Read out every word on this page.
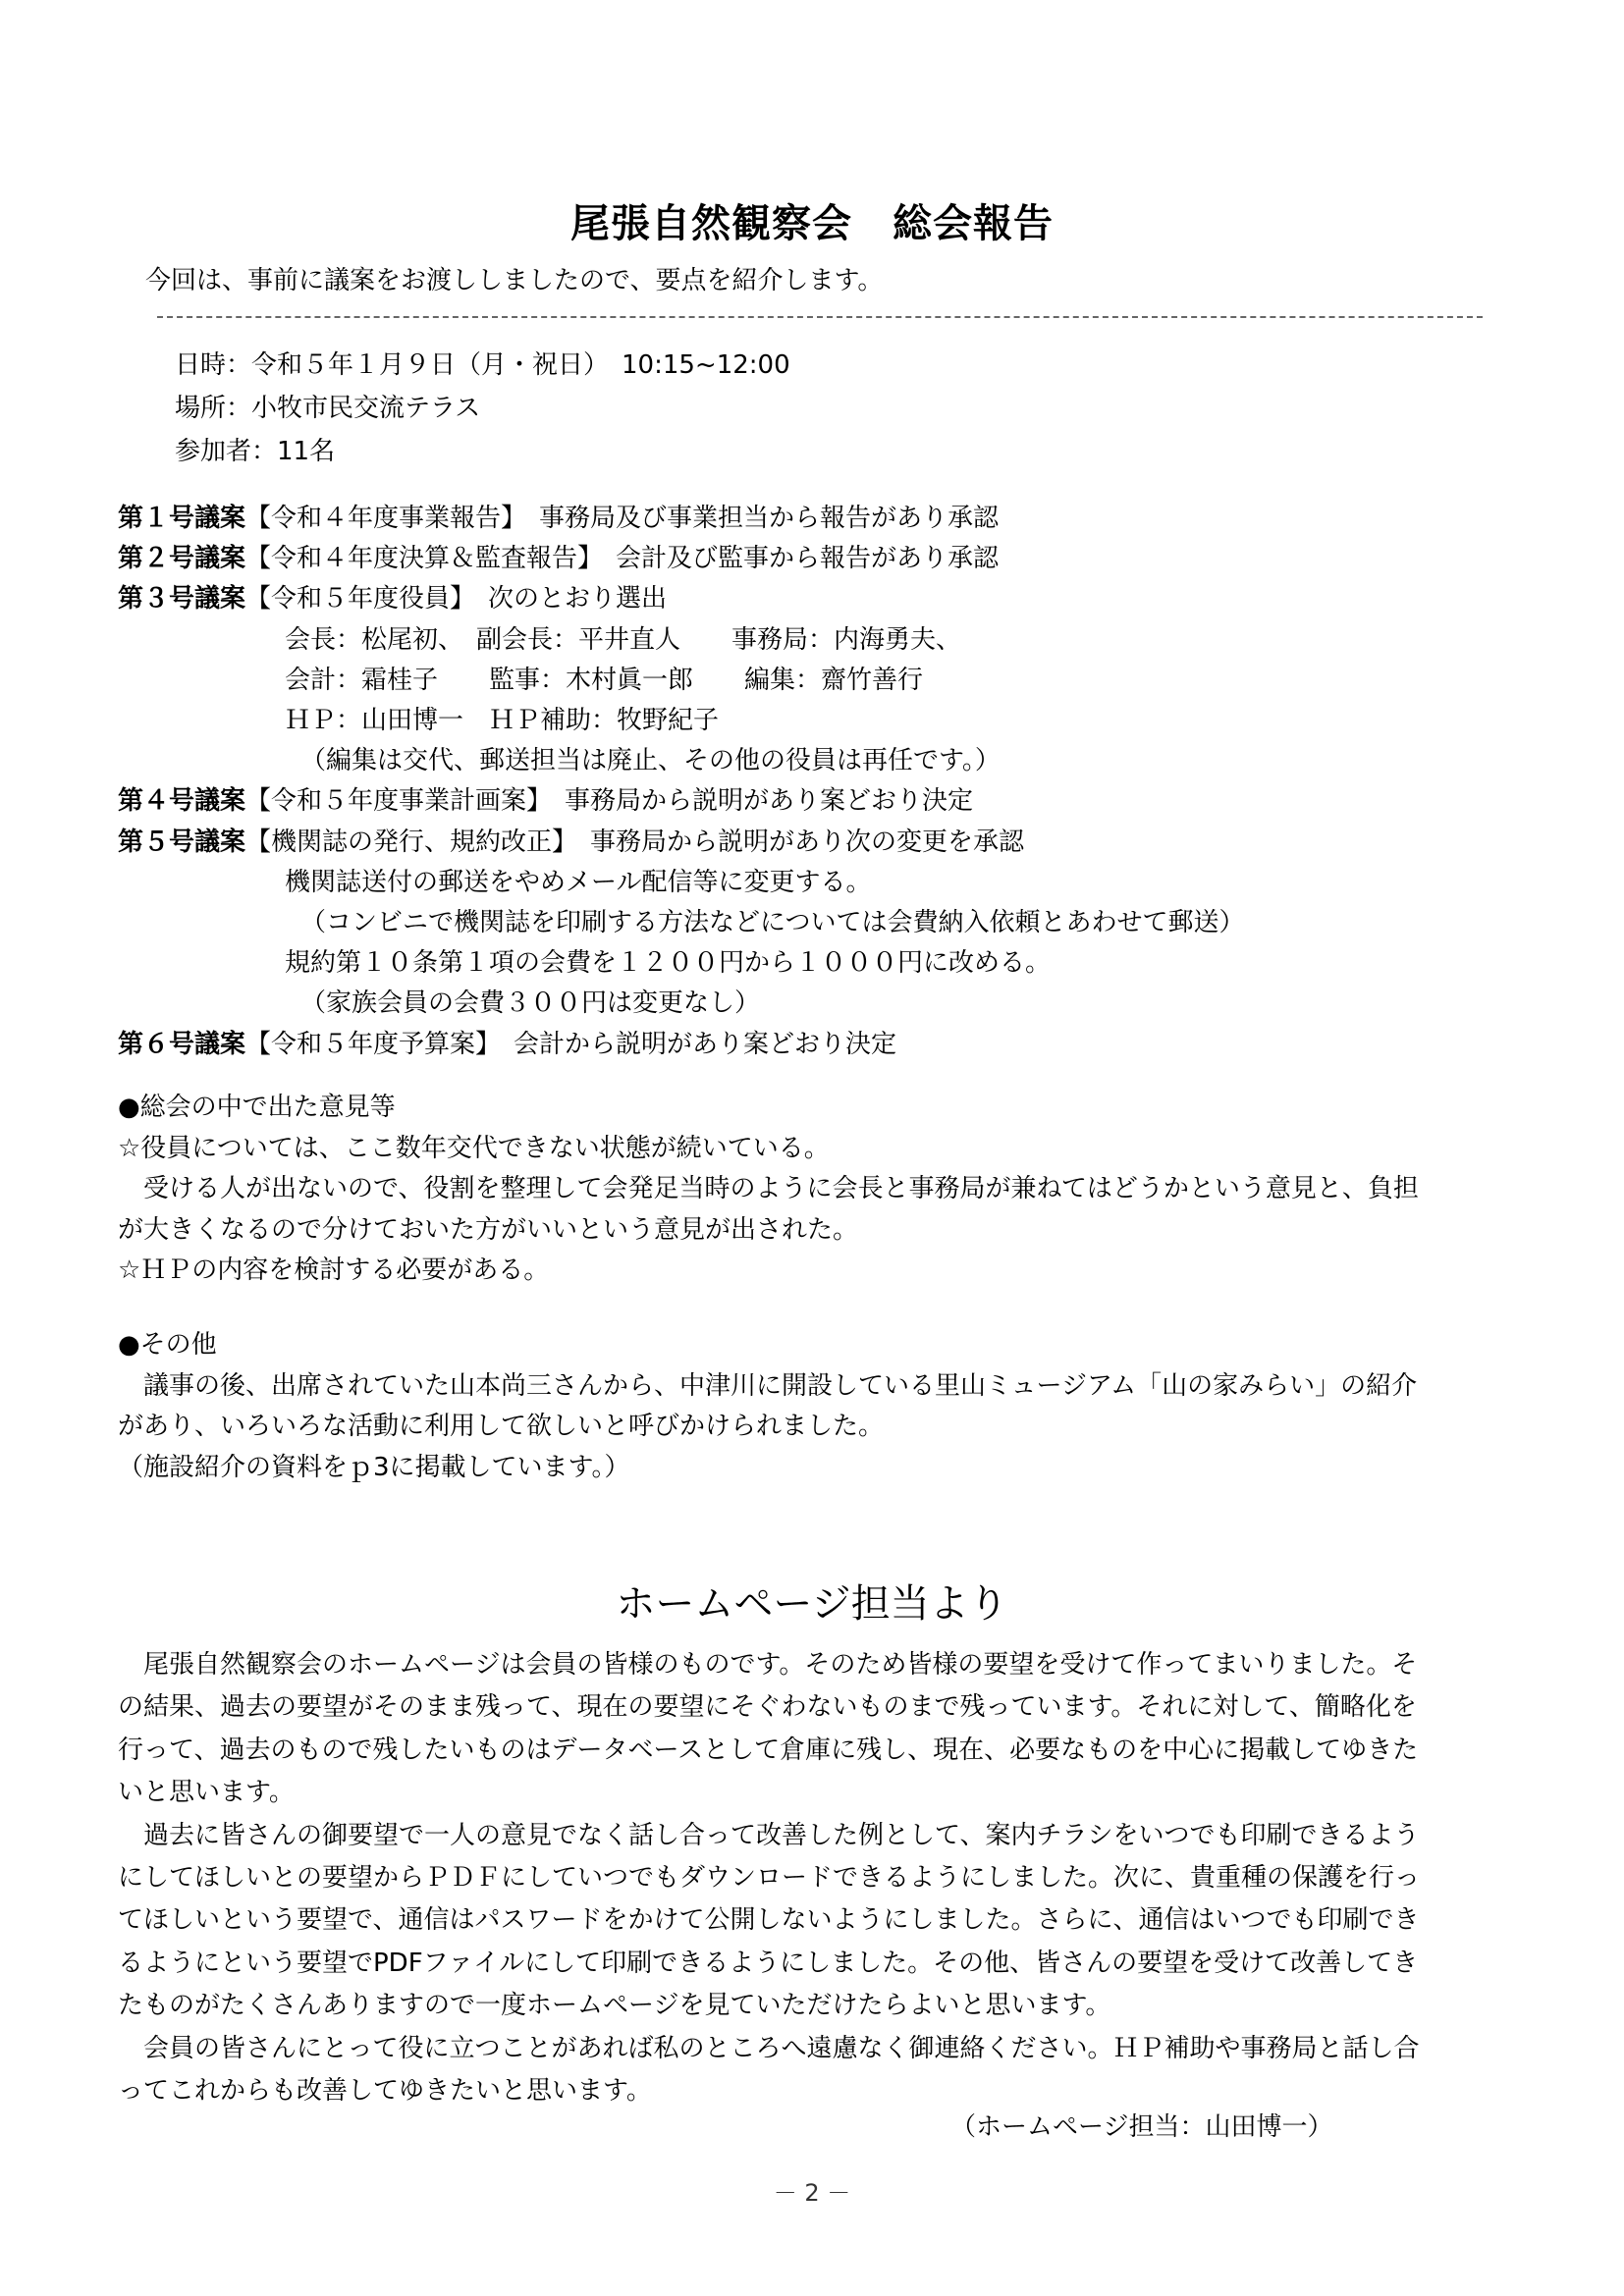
尾張自然観察会　総会報告
今回は、事前に議案をお渡ししましたので、要点を紹介します。
日時：令和５年１月９日（月・祝日）　10:15~12:00
場所：小牧市民交流テラス
参加者：11名
第１号議案【令和４年度事業報告】　事務局及び事業担当から報告があり承認
第２号議案【令和４年度決算＆監査報告】　会計及び監事から報告があり承認
第３号議案【令和５年度役員】　次のとおり選出
会長：松尾初、　副会長：平井直人　　事務局：内海勇夫、
会計：霜桂子　　監事：木村眞一郎　　編集：齋竹善行
ＨＰ：山田博一　ＨＰ補助：牧野紀子
（編集は交代、郵送担当は廃止、その他の役員は再任です。）
第４号議案【令和５年度事業計画案】　事務局から説明があり案どおり決定
第５号議案【機関誌の発行、規約改正】　事務局から説明があり次の変更を承認
機関誌送付の郵送をやめメール配信等に変更する。
（コンビニで機関誌を印刷する方法などについては会費納入依頼とあわせて郵送）
規約第１０条第１項の会費を１２００円から１０００円に改める。
（家族会員の会費３００円は変更なし）
第６号議案【令和５年度予算案】　会計から説明があり案どおり決定
●総会の中で出た意見等
☆役員については、ここ数年交代できない状態が続いている。
　受ける人が出ないので、役割を整理して会発足当時のように会長と事務局が兼ねてはどうかという意見と、負担
が大きくなるので分けておいた方がいいという意見が出された。
☆ＨＰの内容を検討する必要がある。
●その他
　議事の後、出席されていた山本尚三さんから、中津川に開設している里山ミュージアム「山の家みらい」の紹介
があり、いろいろな活動に利用して欲しいと呼びかけられました。
（施設紹介の資料をｐ3に掲載しています。）
ホームページ担当より
　尾張自然観察会のホームページは会員の皆様のものです。そのため皆様の要望を受けて作ってまいりました。そ
の結果、過去の要望がそのまま残って、現在の要望にそぐわないものまで残っています。それに対して、簡略化を
行って、過去のもので残したいものはデータベースとして倉庫に残し、現在、必要なものを中心に掲載してゆきた
いと思います。
　過去に皆さんの御要望で一人の意見でなく話し合って改善した例として、案内チラシをいつでも印刷できるよう
にしてほしいとの要望からＰＤＦにしていつでもダウンロードできるようにしました。次に、貴重種の保護を行っ
てほしいという要望で、通信はパスワードをかけて公開しないようにしました。さらに、通信はいつでも印刷でき
るようにという要望でPDFファイルにして印刷できるようにしました。その他、皆さんの要望を受けて改善してき
たものがたくさんありますので一度ホームページを見ていただけたらよいと思います。
　会員の皆さんにとって役に立つことがあれば私のところへ遠慮なく御連絡ください。ＨＰ補助や事務局と話し合
ってこれからも改善してゆきたいと思います。
（ホームページ担当：山田博一）
－ 2 －
